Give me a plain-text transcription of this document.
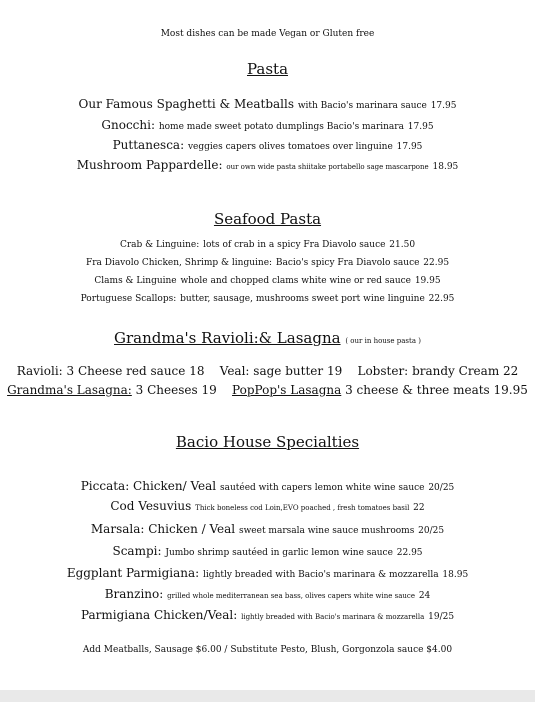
Most dishes can be made Vegan or Gluten free
Pasta
Our Famous Spaghetti & Meatballs with Bacio's marinara sauce 17.95
Gnocchi: home made sweet potato dumplings Bacio's marinara 17.95
Puttanesca: veggies capers olives tomatoes over linguine 17.95
Mushroom Pappardelle: our own wide pasta shiitake portabello sage mascarpone 18.95
Seafood Pasta
Crab & Linguine: lots of crab in a spicy Fra Diavolo sauce 21.50
Fra Diavolo Chicken, Shrimp & linguine: Bacio's spicy Fra Diavolo sauce 22.95
Clams & Linguine whole and chopped clams white wine or red sauce 19.95
Portuguese Scallops: butter, sausage, mushrooms sweet port wine linguine 22.95
Grandma's Ravioli:& Lasagna ( our in house pasta )
Ravioli: 3 Cheese red sauce 18 Veal: sage butter 19 Lobster: brandy Cream 22
Grandma's Lasagna: 3 Cheeses 19 PopPop's Lasagna 3 cheese & three meats 19.95
Bacio House Specialties
Piccata: Chicken/ Veal sautéed with capers lemon white wine sauce 20/25
Cod Vesuvius Thick boneless cod Loin,EVO poached , fresh tomatoes basil 22
Marsala: Chicken / Veal sweet marsala wine sauce mushrooms 20/25
Scampi: Jumbo shrimp sautéed in garlic lemon wine sauce 22.95
Eggplant Parmigiana: lightly breaded with Bacio's marinara & mozzarella 18.95
Branzino: grilled whole mediterranean sea bass, olives capers white wine sauce 24
Parmigiana Chicken/Veal: lightly breaded with Bacio's marinara & mozzarella 19/25
Add Meatballs, Sausage $6.00 / Substitute Pesto, Blush, Gorgonzola sauce $4.00
